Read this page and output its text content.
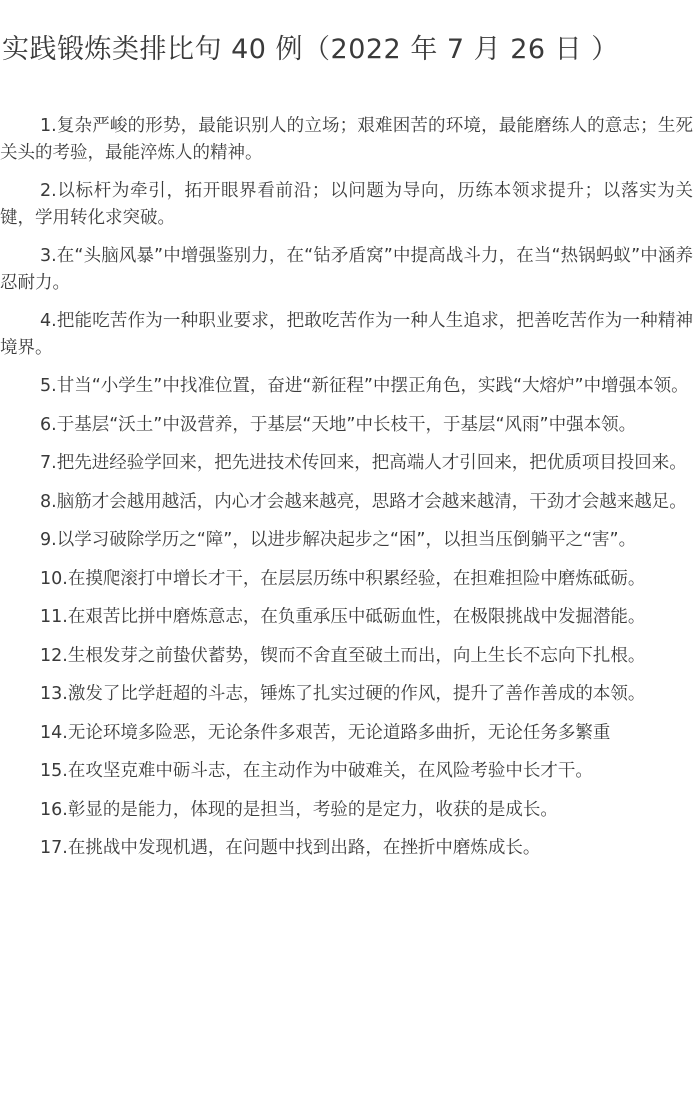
实践锻炼类排比句 40 例（2022 年 7 月 26 日 ）

1.复杂严峻的形势，最能识别人的立场；艰难困苦的环境，最能磨练人的意志；生死关头的考验，最能淬炼人的精神。

2.以标杆为牵引，拓开眼界看前沿；以问题为导向，历练本领求提升；以落实为关键，学用转化求突破。

3.在“头脑风暴”中增强鉴别力，在“钻矛盾窝”中提高战斗力，在当“热锅蚂蚁”中涵养忍耐力。

4.把能吃苦作为一种职业要求，把敢吃苦作为一种人生追求，把善吃苦作为一种精神境界。

5.甘当“小学生”中找准位置，奋进“新征程”中摆正角色，实践“大熔炉”中增强本领。

6.于基层“沃土”中汲营养，于基层“天地”中长枝干，于基层“风雨”中强本领。

7.把先进经验学回来，把先进技术传回来，把高端人才引回来，把优质项目投回来。

8.脑筋才会越用越活，内心才会越来越亮，思路才会越来越清，干劲才会越来越足。

9.以学习破除学历之“障”，以进步解决起步之“困”，以担当压倒躺平之“害”。

10.在摸爬滚打中增长才干，在层层历练中积累经验，在担难担险中磨炼砥砺。

11.在艰苦比拼中磨炼意志，在负重承压中砥砺血性，在极限挑战中发掘潜能。

12.生根发芽之前蛰伏蓄势，锲而不舍直至破土而出，向上生长不忘向下扎根。

13.激发了比学赶超的斗志，锤炼了扎实过硬的作风，提升了善作善成的本领。

14.无论环境多险恶，无论条件多艰苦，无论道路多曲折，无论任务多繁重

15.在攻坚克难中砺斗志，在主动作为中破难关，在风险考验中长才干。

16.彰显的是能力，体现的是担当，考验的是定力，收获的是成长。

17.在挑战中发现机遇，在问题中找到出路，在挫折中磨炼成长。
